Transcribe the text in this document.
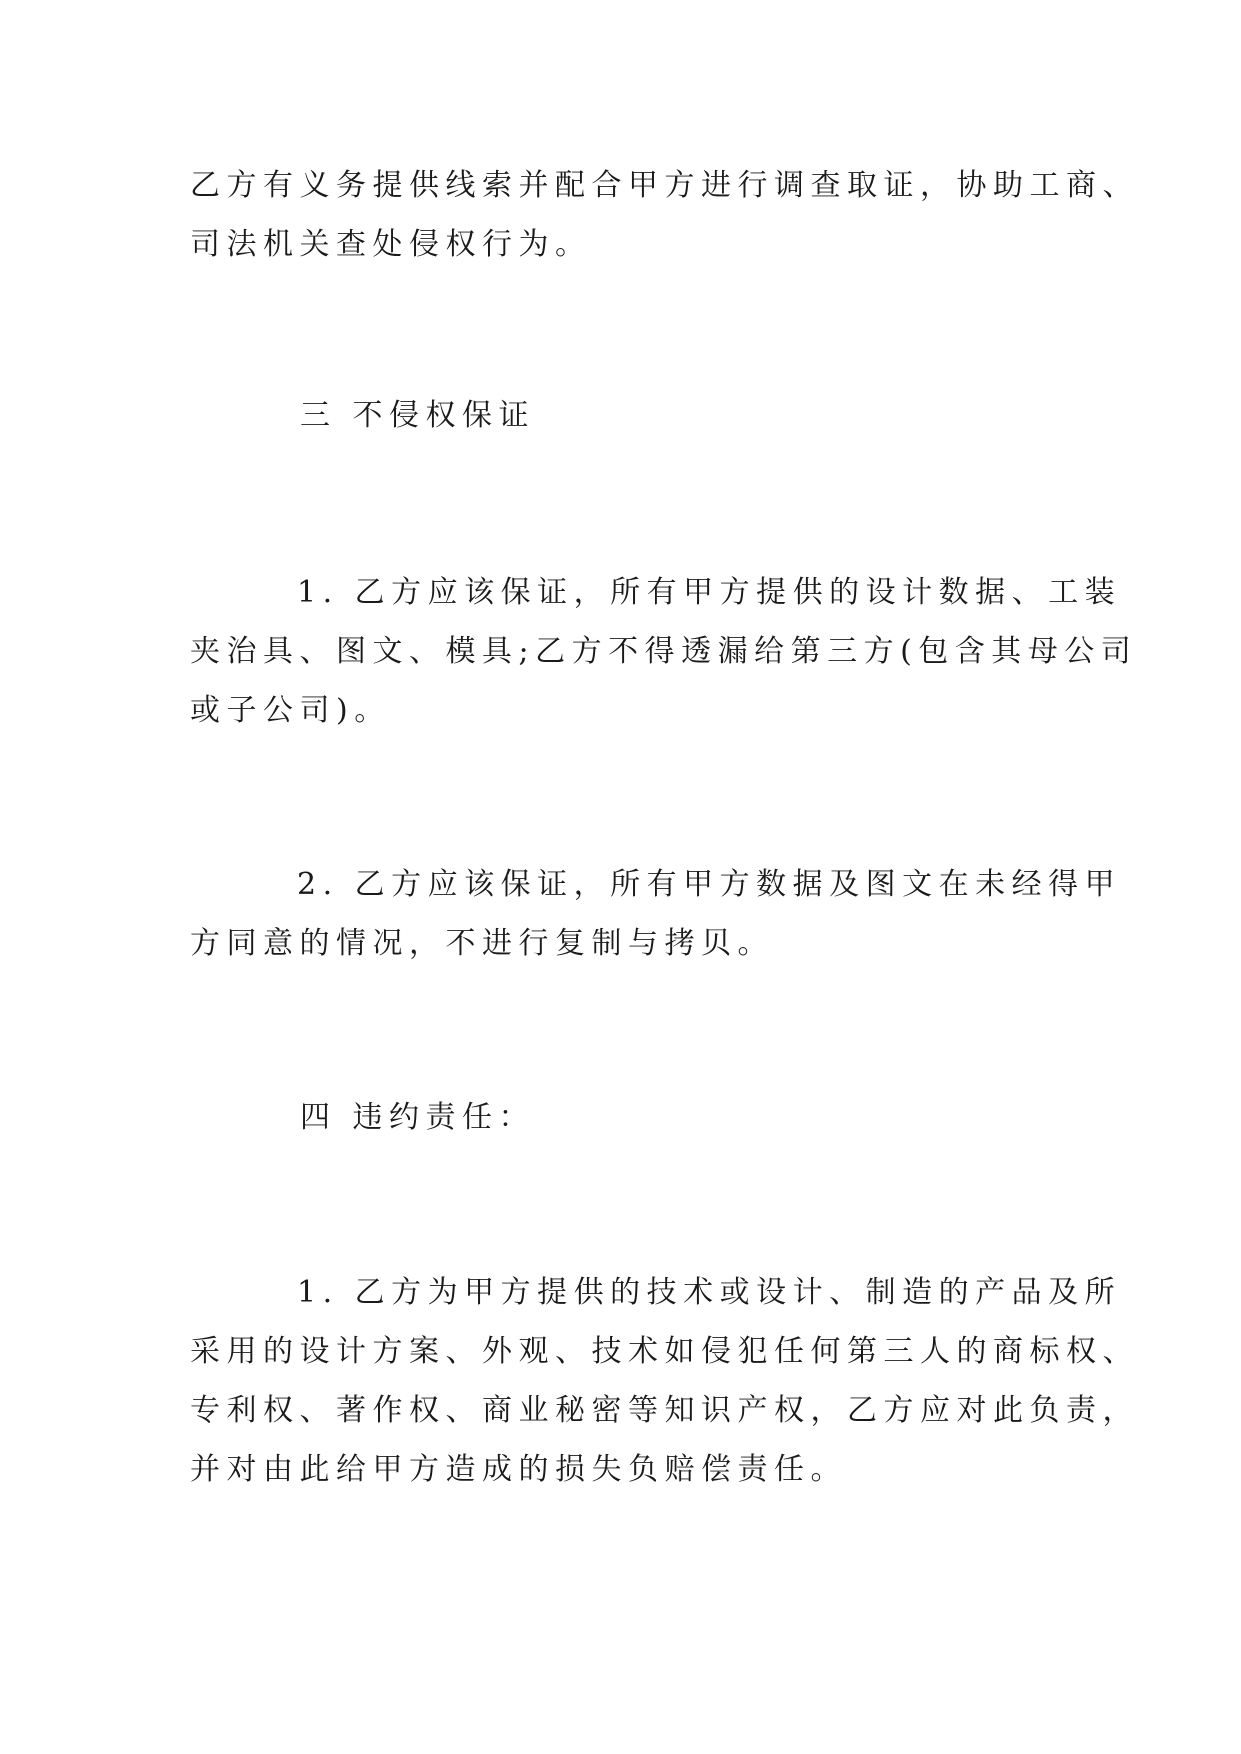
乙方有义务提供线索并配合甲方进行调查取证，协助工商、
司法机关查处侵权行为。
三 不侵权保证
1. 乙方应该保证，所有甲方提供的设计数据、工装
夹治具、图文、模具;乙方不得透漏给第三方(包含其母公司
或子公司)。
2. 乙方应该保证，所有甲方数据及图文在未经得甲
方同意的情况，不进行复制与拷贝。
四 违约责任：
1. 乙方为甲方提供的技术或设计、制造的产品及所
采用的设计方案、外观、技术如侵犯任何第三人的商标权、
专利权、著作权、商业秘密等知识产权，乙方应对此负责，
并对由此给甲方造成的损失负赔偿责任。
